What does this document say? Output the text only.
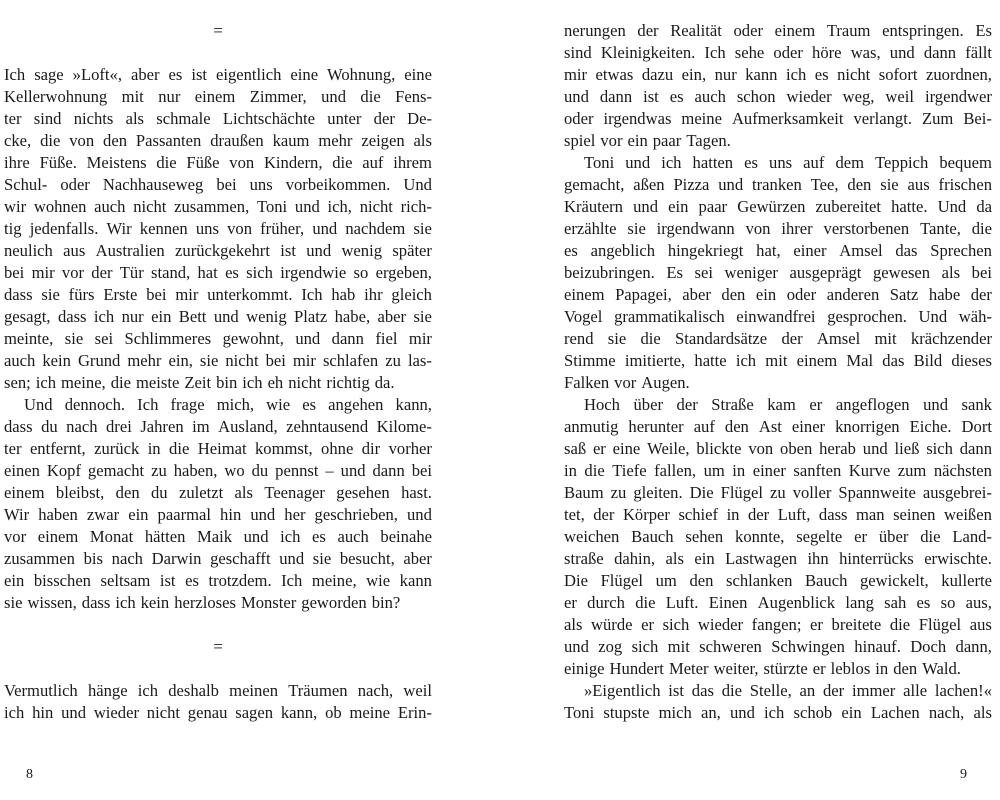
=
Ich sage »Loft«, aber es ist eigentlich eine Wohnung, eine
Kellerwohnung mit nur einem Zimmer, und die Fens-
ter sind nichts als schmale Lichtschächte unter der De-
cke, die von den Passanten draußen kaum mehr zeigen als
ihre Füße. Meistens die Füße von Kindern, die auf ihrem
Schul- oder Nachhauseweg bei uns vorbeikommen. Und
wir wohnen auch nicht zusammen, Toni und ich, nicht rich-
tig jedenfalls. Wir kennen uns von früher, und nachdem sie
neulich aus Australien zurückgekehrt ist und wenig später
bei mir vor der Tür stand, hat es sich irgendwie so ergeben,
dass sie fürs Erste bei mir unterkommt. Ich hab ihr gleich
gesagt, dass ich nur ein Bett und wenig Platz habe, aber sie
meinte, sie sei Schlimmeres gewohnt, und dann fiel mir
auch kein Grund mehr ein, sie nicht bei mir schlafen zu las-
sen; ich meine, die meiste Zeit bin ich eh nicht richtig da.
Und dennoch. Ich frage mich, wie es angehen kann,
dass du nach drei Jahren im Ausland, zehntausend Kilome-
ter entfernt, zurück in die Heimat kommst, ohne dir vorher
einen Kopf gemacht zu haben, wo du pennst – und dann bei
einem bleibst, den du zuletzt als Teenager gesehen hast.
Wir haben zwar ein paarmal hin und her geschrieben, und
vor einem Monat hätten Maik und ich es auch beinahe
zusammen bis nach Darwin geschafft und sie besucht, aber
ein bisschen seltsam ist es trotzdem. Ich meine, wie kann
sie wissen, dass ich kein herzloses Monster geworden bin?
=
Vermutlich hänge ich deshalb meinen Träumen nach, weil
ich hin und wieder nicht genau sagen kann, ob meine Erin-
8
nerungen der Realität oder einem Traum entspringen. Es
sind Kleinigkeiten. Ich sehe oder höre was, und dann fällt
mir etwas dazu ein, nur kann ich es nicht sofort zuordnen,
und dann ist es auch schon wieder weg, weil irgendwer
oder irgendwas meine Aufmerksamkeit verlangt. Zum Bei-
spiel vor ein paar Tagen.
Toni und ich hatten es uns auf dem Teppich bequem
gemacht, aßen Pizza und tranken Tee, den sie aus frischen
Kräutern und ein paar Gewürzen zubereitet hatte. Und da
erzählte sie irgendwann von ihrer verstorbenen Tante, die
es angeblich hingekriegt hat, einer Amsel das Sprechen
beizubringen. Es sei weniger ausgeprägt gewesen als bei
einem Papagei, aber den ein oder anderen Satz habe der
Vogel grammatikalisch einwandfrei gesprochen. Und wäh-
rend sie die Standardsätze der Amsel mit krächzender
Stimme imitierte, hatte ich mit einem Mal das Bild dieses
Falken vor Augen.
Hoch über der Straße kam er angeflogen und sank
anmutig herunter auf den Ast einer knorrigen Eiche. Dort
saß er eine Weile, blickte von oben herab und ließ sich dann
in die Tiefe fallen, um in einer sanften Kurve zum nächsten
Baum zu gleiten. Die Flügel zu voller Spannweite ausgebrei-
tet, der Körper schief in der Luft, dass man seinen weißen
weichen Bauch sehen konnte, segelte er über die Land-
straße dahin, als ein Lastwagen ihn hinterrücks erwischte.
Die Flügel um den schlanken Bauch gewickelt, kullerte
er durch die Luft. Einen Augenblick lang sah es so aus,
als würde er sich wieder fangen; er breitete die Flügel aus
und zog sich mit schweren Schwingen hinauf. Doch dann,
einige Hundert Meter weiter, stürzte er leblos in den Wald.
»Eigentlich ist das die Stelle, an der immer alle lachen!«
Toni stupste mich an, und ich schob ein Lachen nach, als
9
